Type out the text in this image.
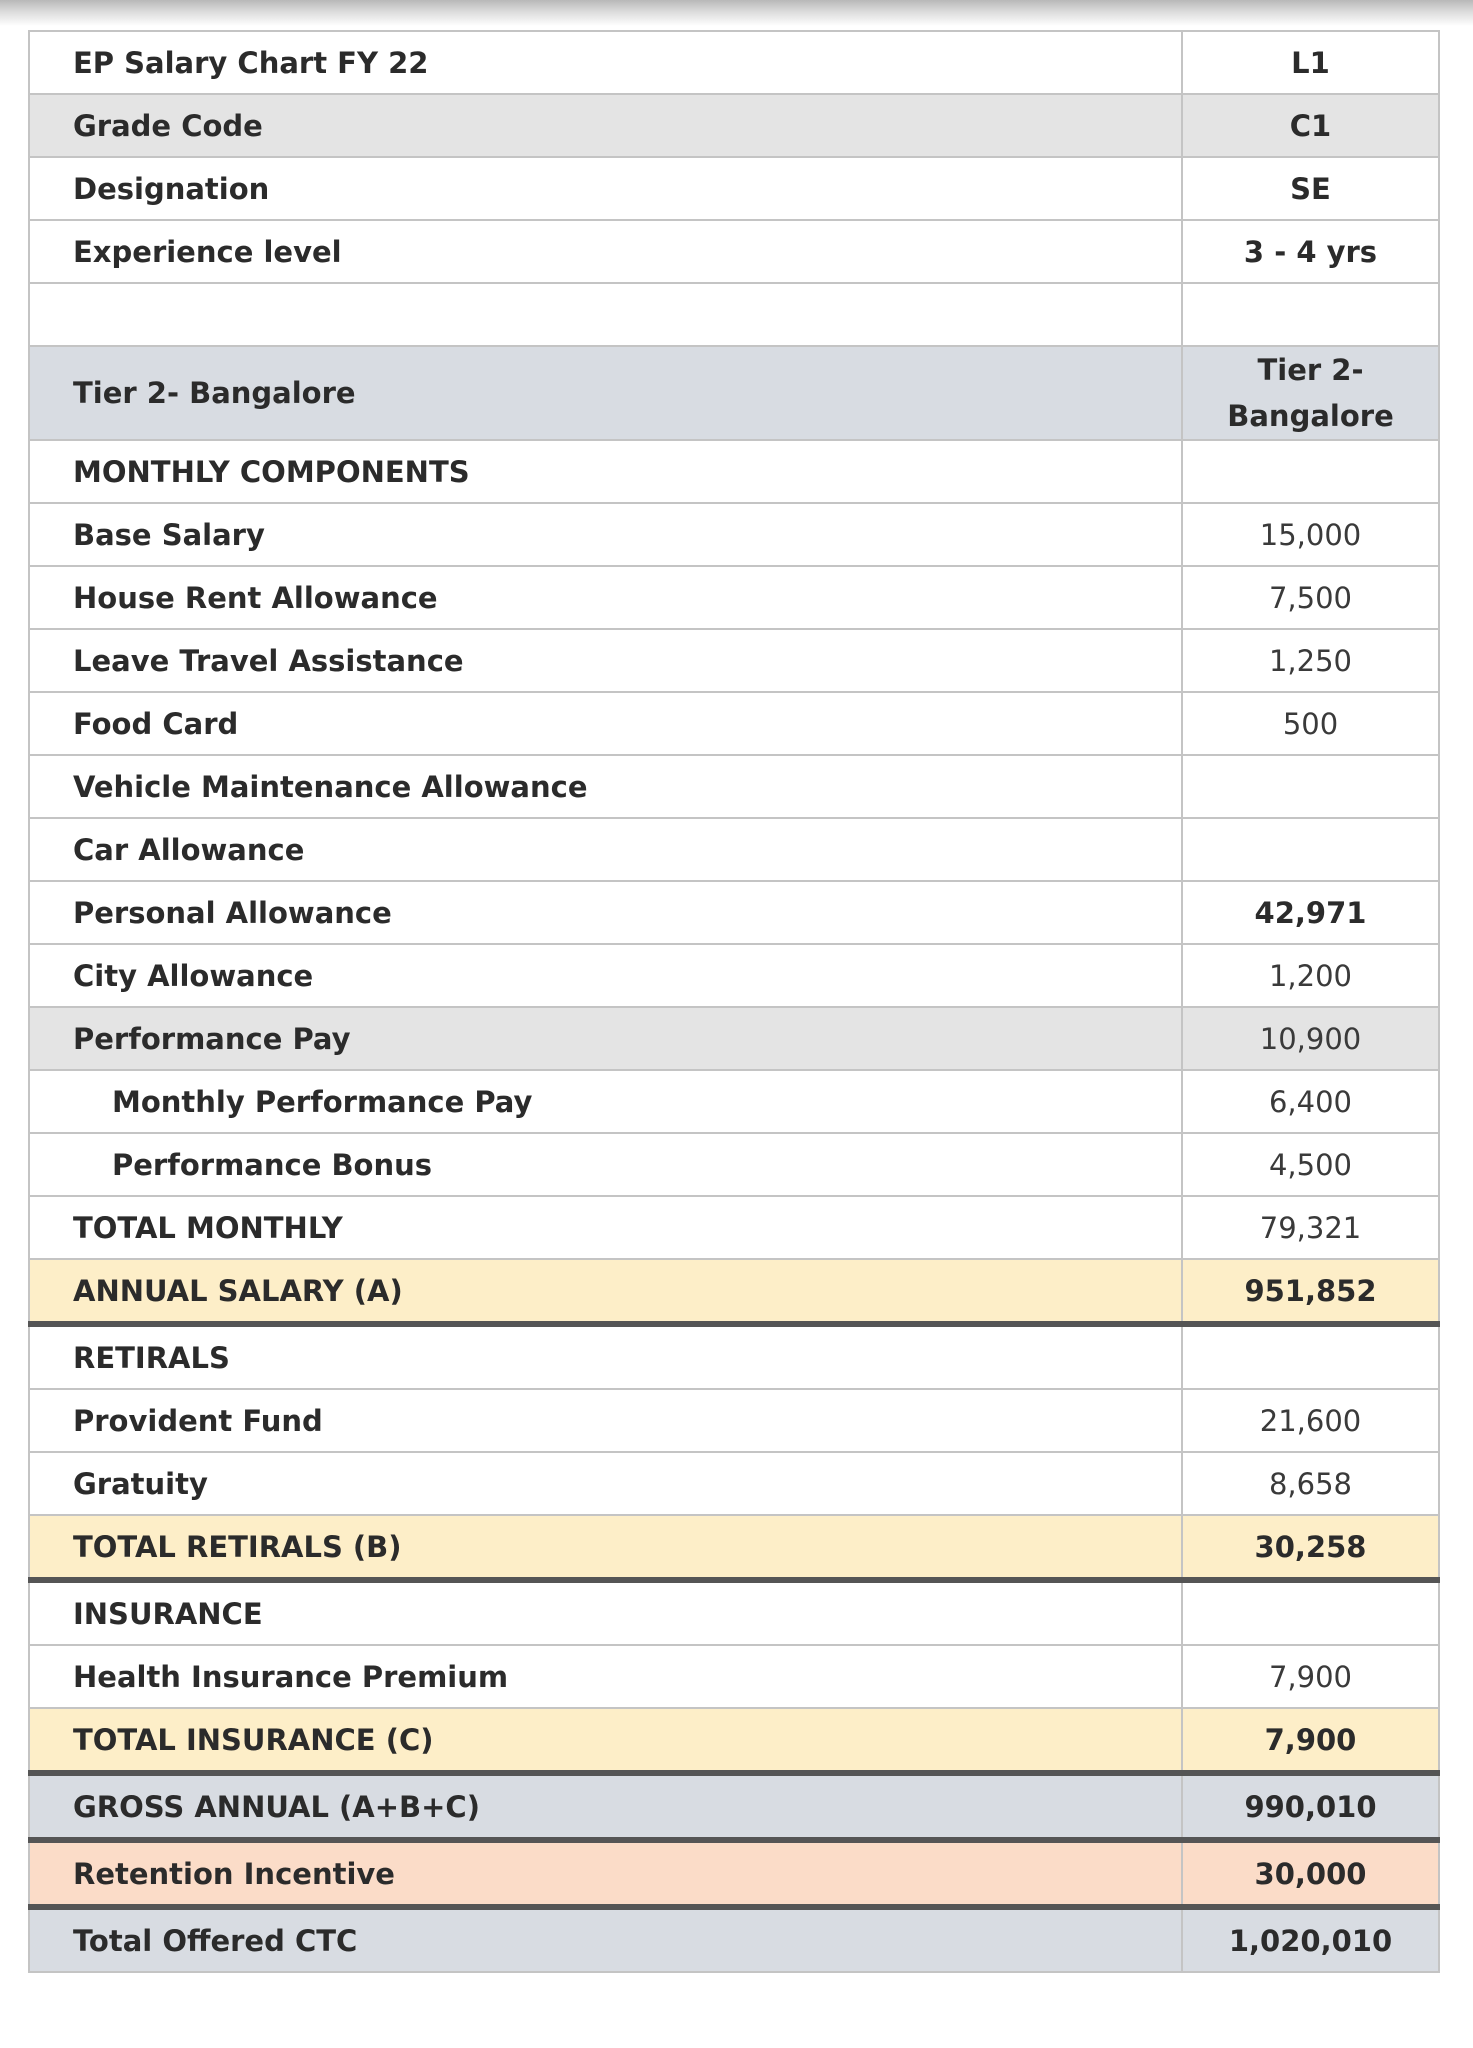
EP Salary Chart FY 22	L1
Grade Code	C1
Designation	SE
Experience level	3 - 4 yrs

Tier 2- Bangalore	Tier 2- Bangalore
MONTHLY COMPONENTS	
Base Salary	15,000
House Rent Allowance	7,500
Leave Travel Assistance	1,250
Food Card	500
Vehicle Maintenance Allowance	
Car Allowance	
Personal Allowance	42,971
City Allowance	1,200
Performance Pay	10,900
Monthly Performance Pay	6,400
Performance Bonus	4,500
TOTAL MONTHLY	79,321
ANNUAL SALARY (A)	951,852
RETIRALS	
Provident Fund	21,600
Gratuity	8,658
TOTAL RETIRALS (B)	30,258
INSURANCE	
Health Insurance Premium	7,900
TOTAL INSURANCE (C)	7,900
GROSS ANNUAL (A+B+C)	990,010
Retention Incentive	30,000
Total Offered CTC	1,020,010
